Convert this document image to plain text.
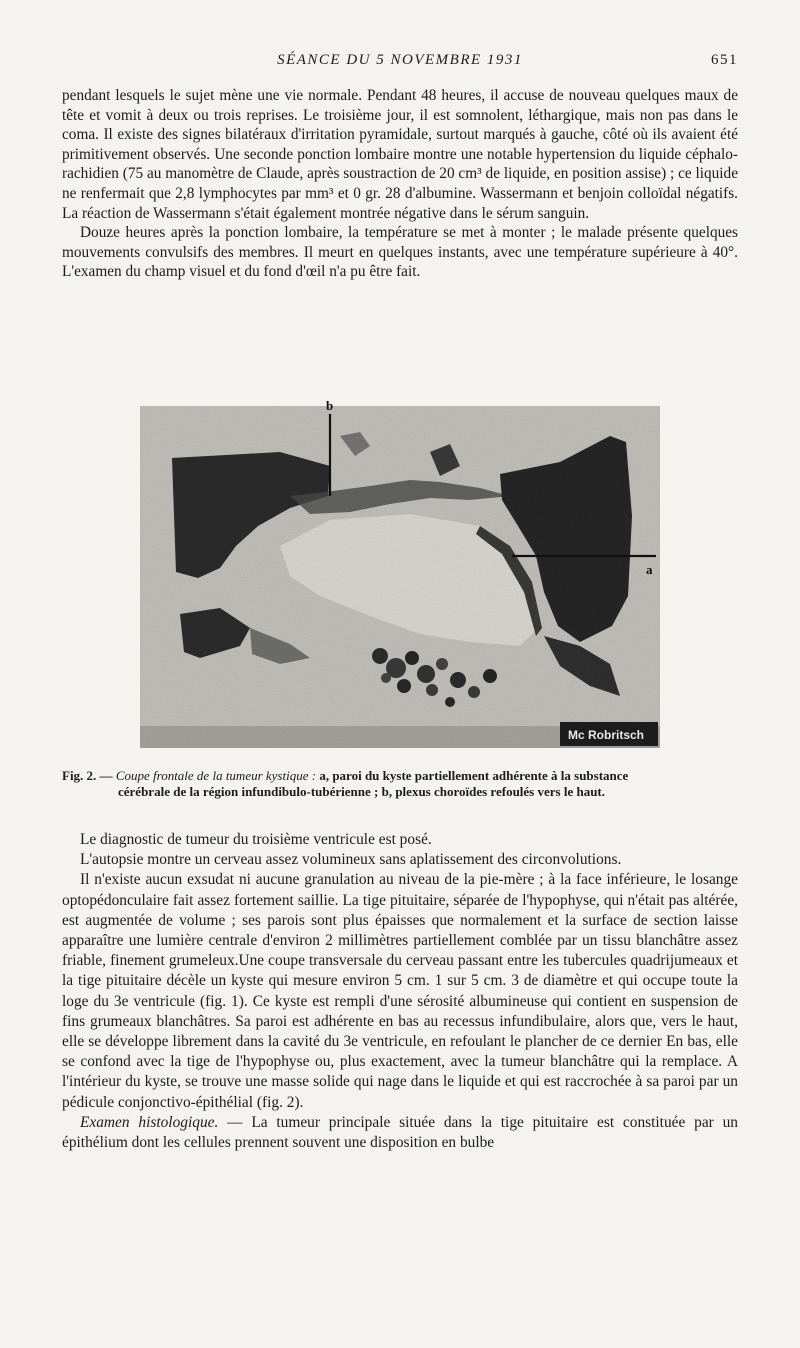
SÉANCE DU 5 NOVEMBRE 1931	651

pendant lesquels le sujet mène une vie normale. Pendant 48 heures, il accuse de nouveau quelques maux de tête et vomit à deux ou trois reprises. Le troisième jour, il est somnolent, léthargique, mais non pas dans le coma. Il existe des signes bilatéraux d'irritation pyramidale, surtout marqués à gauche, côté où ils avaient été primitivement observés. Une seconde ponction lombaire montre une notable hypertension du liquide céphalo-rachidien (75 au manomètre de Claude, après soustraction de 20 cm³ de liquide, en position assise) ; ce liquide ne renfermait que 2,8 lymphocytes par mm³ et 0 gr. 28 d'albumine. Wassermann et benjoin colloïdal négatifs. La réaction de Wassermann s'était également montrée négative dans le sérum sanguin.

Douze heures après la ponction lombaire, la température se met à monter ; le malade présente quelques mouvements convulsifs des membres. Il meurt en quelques instants, avec une température supérieure à 40°. L'examen du champ visuel et du fond d'œil n'a pu être fait.

b
a
Mc Robritsch
Fig. 2. — Coupe frontale de la tumeur kystique : a, paroi du kyste partiellement adhérente à la substance
cérébrale de la région infundibulo-tubérienne ; b, plexus choroïdes refoulés vers le haut.

Le diagnostic de tumeur du troisième ventricule est posé.

L'autopsie montre un cerveau assez volumineux sans aplatissement des circonvolutions.

Il n'existe aucun exsudat ni aucune granulation au niveau de la pie-mère ; à la face inférieure, le losange optopédonculaire fait assez fortement saillie. La tige pituitaire, séparée de l'hypophyse, qui n'était pas altérée, est augmentée de volume ; ses parois sont plus épaisses que normalement et la surface de section laisse apparaître une lumière centrale d'environ 2 millimètres partiellement comblée par un tissu blanchâtre assez friable, finement grumeleux.Une coupe transversale du cerveau passant entre les tubercules quadrijumeaux et la tige pituitaire décèle un kyste qui mesure environ 5 cm. 1 sur 5 cm. 3 de diamètre et qui occupe toute la loge du 3e ventricule (fig. 1). Ce kyste est rempli d'une sérosité albumineuse qui contient en suspension de fins grumeaux blanchâtres. Sa paroi est adhérente en bas au recessus infundibulaire, alors que, vers le haut, elle se développe librement dans la cavité du 3e ventricule, en refoulant le plancher de ce dernier En bas, elle se confond avec la tige de l'hypophyse ou, plus exactement, avec la tumeur blanchâtre qui la remplace. A l'intérieur du kyste, se trouve une masse solide qui nage dans le liquide et qui est raccrochée à sa paroi par un pédicule conjonctivo-épithélial (fig. 2).

Examen histologique. — La tumeur principale située dans la tige pituitaire est constituée par un épithélium dont les cellules prennent souvent une disposition en bulbe
